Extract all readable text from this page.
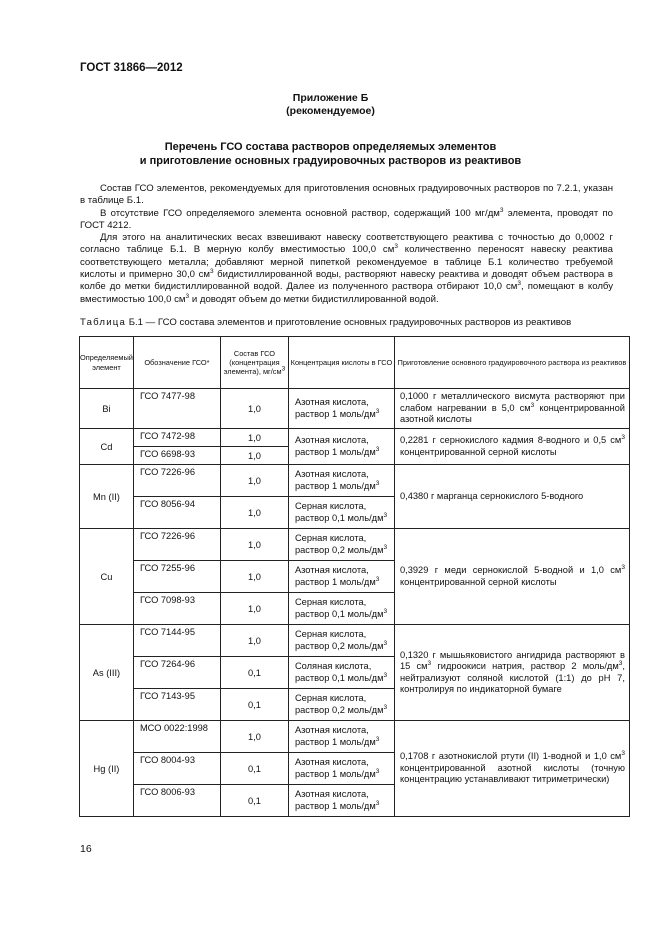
ГОСТ 31866—2012
Приложение Б
(рекомендуемое)
Перечень ГСО состава растворов определяемых элементов
и приготовление основных градуировочных растворов из реактивов

Состав ГСО элементов, рекомендуемых для приготовления основных градуировочных растворов по 7.2.1, указан в таблице Б.1.

В отсутствие ГСО определяемого элемента основной раствор, содержащий 100 $мг/дм^3$ элемента, проводят по ГОСТ 4212.

Для этого на аналитических весах взвешивают навеску соответствующего реактива с точностью до 0,0002 г согласно таблице Б.1. В мерную колбу вместимостью 100,0 $см^3$ количественно переносят навеску реактива соответствующего металла; добавляют мерной пипеткой рекомендуемое в таблице Б.1 количество требуемой кислоты и примерно 30,0 $см^3$ бидистиллированной воды, растворяют навеску реактива и доводят объем раствора в колбе до метки бидистиллированной водой. Далее из полученного раствора отбирают 10,0 $см^3$, помещают в колбу вместимостью 100,0 $см^3$ и доводят объем до метки бидистиллированной водой.

Таблица Б.1 — ГСО состава элементов и приготовление основных градуировочных растворов из реактивов
Определяемый элемент	Обозначение ГСО*	Состав ГСО (концентрация элемента), $мг/см^3$	Концентрация кислоты в ГСО	Приготовление основного градуировочного раствора из реактивов
Bi	ГСО 7477-98	1,0	Азотная кислота, раствор 1 моль/$дм^3$	0,1000 г металлического висмута растворяют при слабом нагревании в 5,0 $см^3$ концентрированной азотной кислоты
Cd	ГСО 7472-98	1,0	Азотная кислота, раствор 1 моль/$дм^3$	0,2281 г сернокислого кадмия 8-водного и 0,5 $см^3$ концентрированной серной кислоты
	ГСО 6698-93	1,0		
Mn (II)	ГСО 7226-96	1,0	Азотная кислота, раствор 1 моль/$дм^3$	0,4380 г марганца сернокислого 5-водного
	ГСО 8056-94	1,0	Серная кислота, раствор 0,1 моль/$дм^3$
Cu	ГСО 7226-96	1,0	Серная кислота, раствор 0,2 моль/$дм^3$	0,3929 г меди сернокислой 5-водной и 1,0 $см^3$ концентрированной серной кислоты
	ГСО 7255-96	1,0	Азотная кислота, раствор 1 моль/$дм^3$
	ГСО 7098-93	1,0	Серная кислота, раствор 0,1 моль/$дм^3$
As (III)	ГСО 7144-95	1,0	Серная кислота, раствор 0,2 моль/$дм^3$	0,1320 г мышьяковистого ангидрида растворяют в 15 $см^3$ гидроокиси натрия, раствор 2 моль/$дм^3$, нейтрализуют соляной кислотой (1:1) до pH 7, контролируя по индикаторной бумаге
	ГСО 7264-96	0,1	Соляная кислота, раствор 0,1 моль/$дм^3$
	ГСО 7143-95	0,1	Серная кислота, раствор 0,2 моль/$дм^3$
Hg (II)	МСО 0022:1998	1,0	Азотная кислота, раствор 1 моль/$дм^3$	0,1708 г азотнокислой ртути (II) 1-водной и 1,0 $см^3$ концентрированной азотной кислоты (точную концентрацию устанавливают титриметрически)
	ГСО 8004-93	0,1	Азотная кислота, раствор 1 моль/$дм^3$
	ГСО 8006-93	0,1	Азотная кислота, раствор 1 моль/$дм^3$
16
